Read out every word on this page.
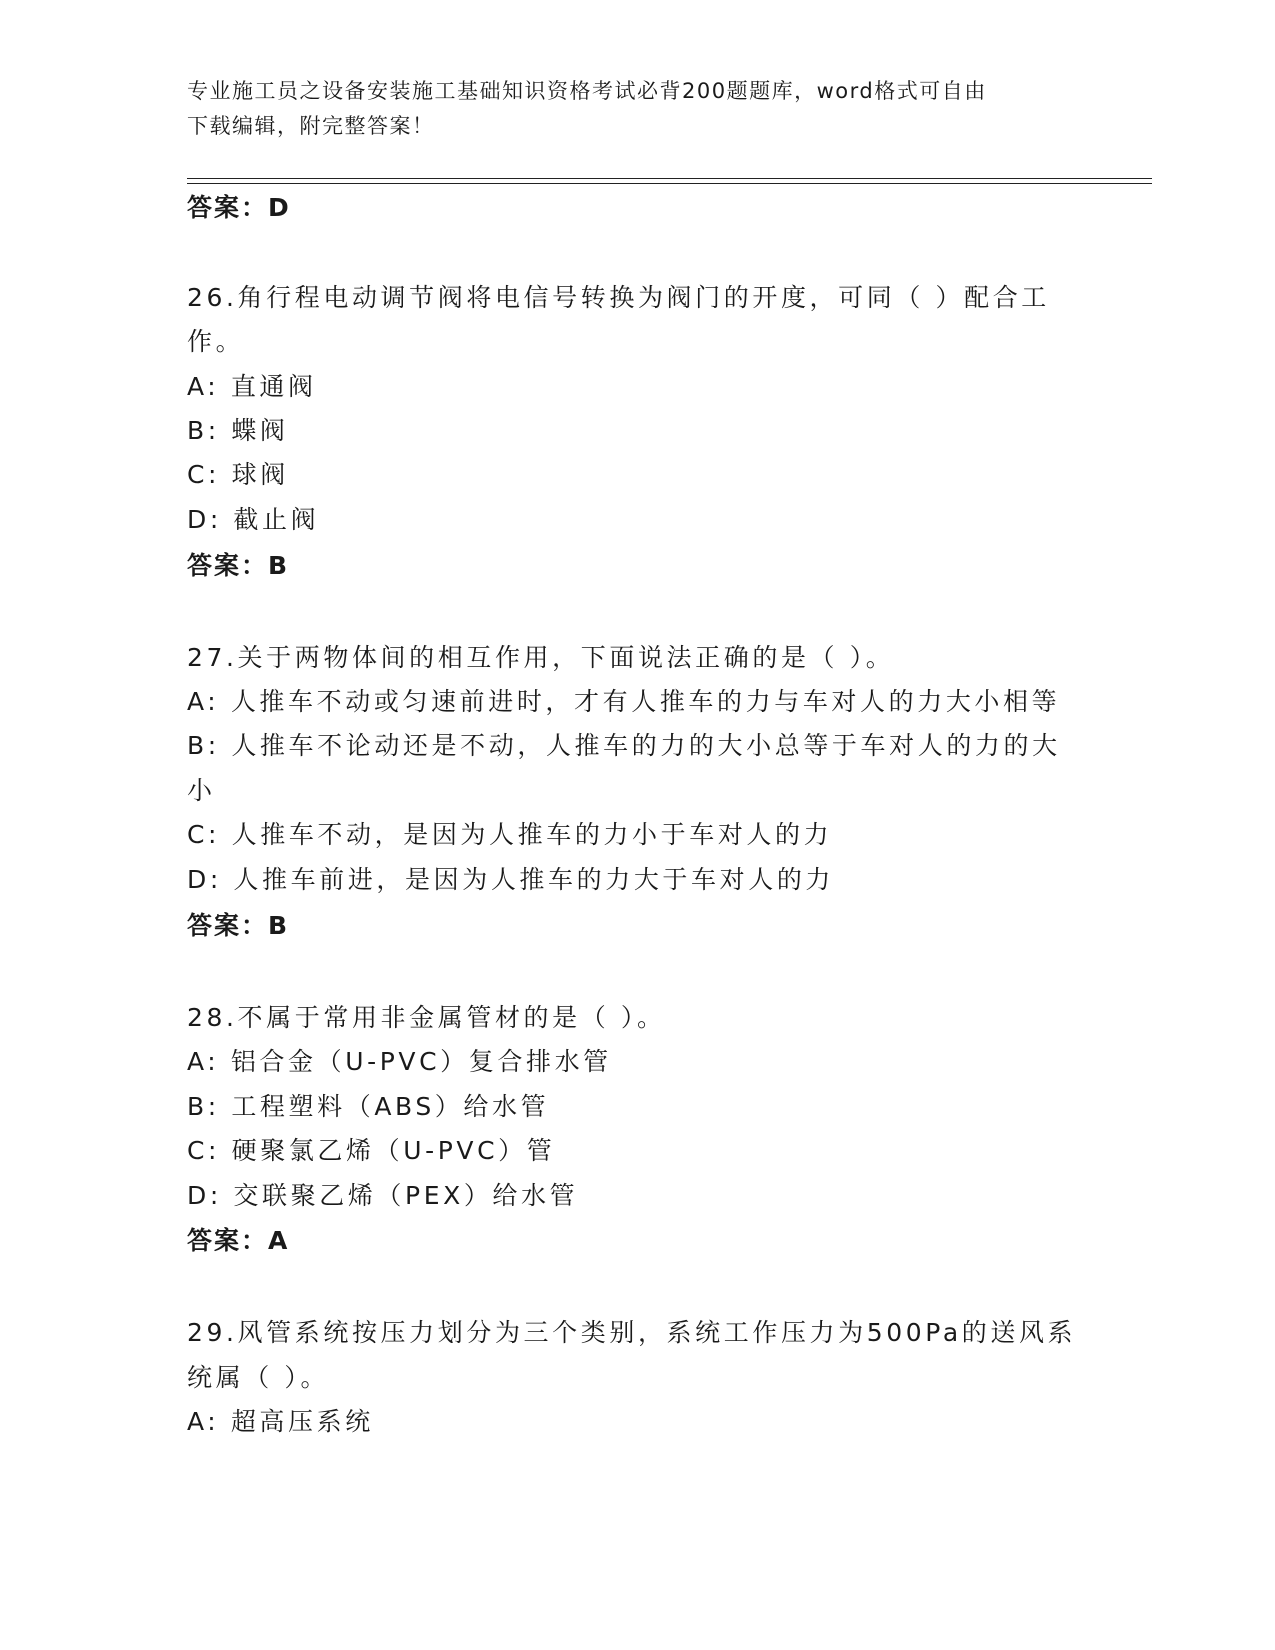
专业施工员之设备安装施工基础知识资格考试必背200题题库，word格式可自由
下载编辑，附完整答案！
答案：D
26.角行程电动调节阀将电信号转换为阀门的开度，可同（ ）配合工
作。
A: 直通阀
B: 蝶阀
C: 球阀
D: 截止阀
答案：B
27.关于两物体间的相互作用，下面说法正确的是（ ）。
A: 人推车不动或匀速前进时，才有人推车的力与车对人的力大小相等
B: 人推车不论动还是不动，人推车的力的大小总等于车对人的力的大
小
C: 人推车不动，是因为人推车的力小于车对人的力
D: 人推车前进，是因为人推车的力大于车对人的力
答案：B
28.不属于常用非金属管材的是（ ）。
A: 铝合金（U-PVC）复合排水管
B: 工程塑料（ABS）给水管
C: 硬聚氯乙烯（U-PVC）管
D: 交联聚乙烯（PEX）给水管
答案：A
29.风管系统按压力划分为三个类别，系统工作压力为500Pa的送风系
统属（ ）。
A: 超高压系统
